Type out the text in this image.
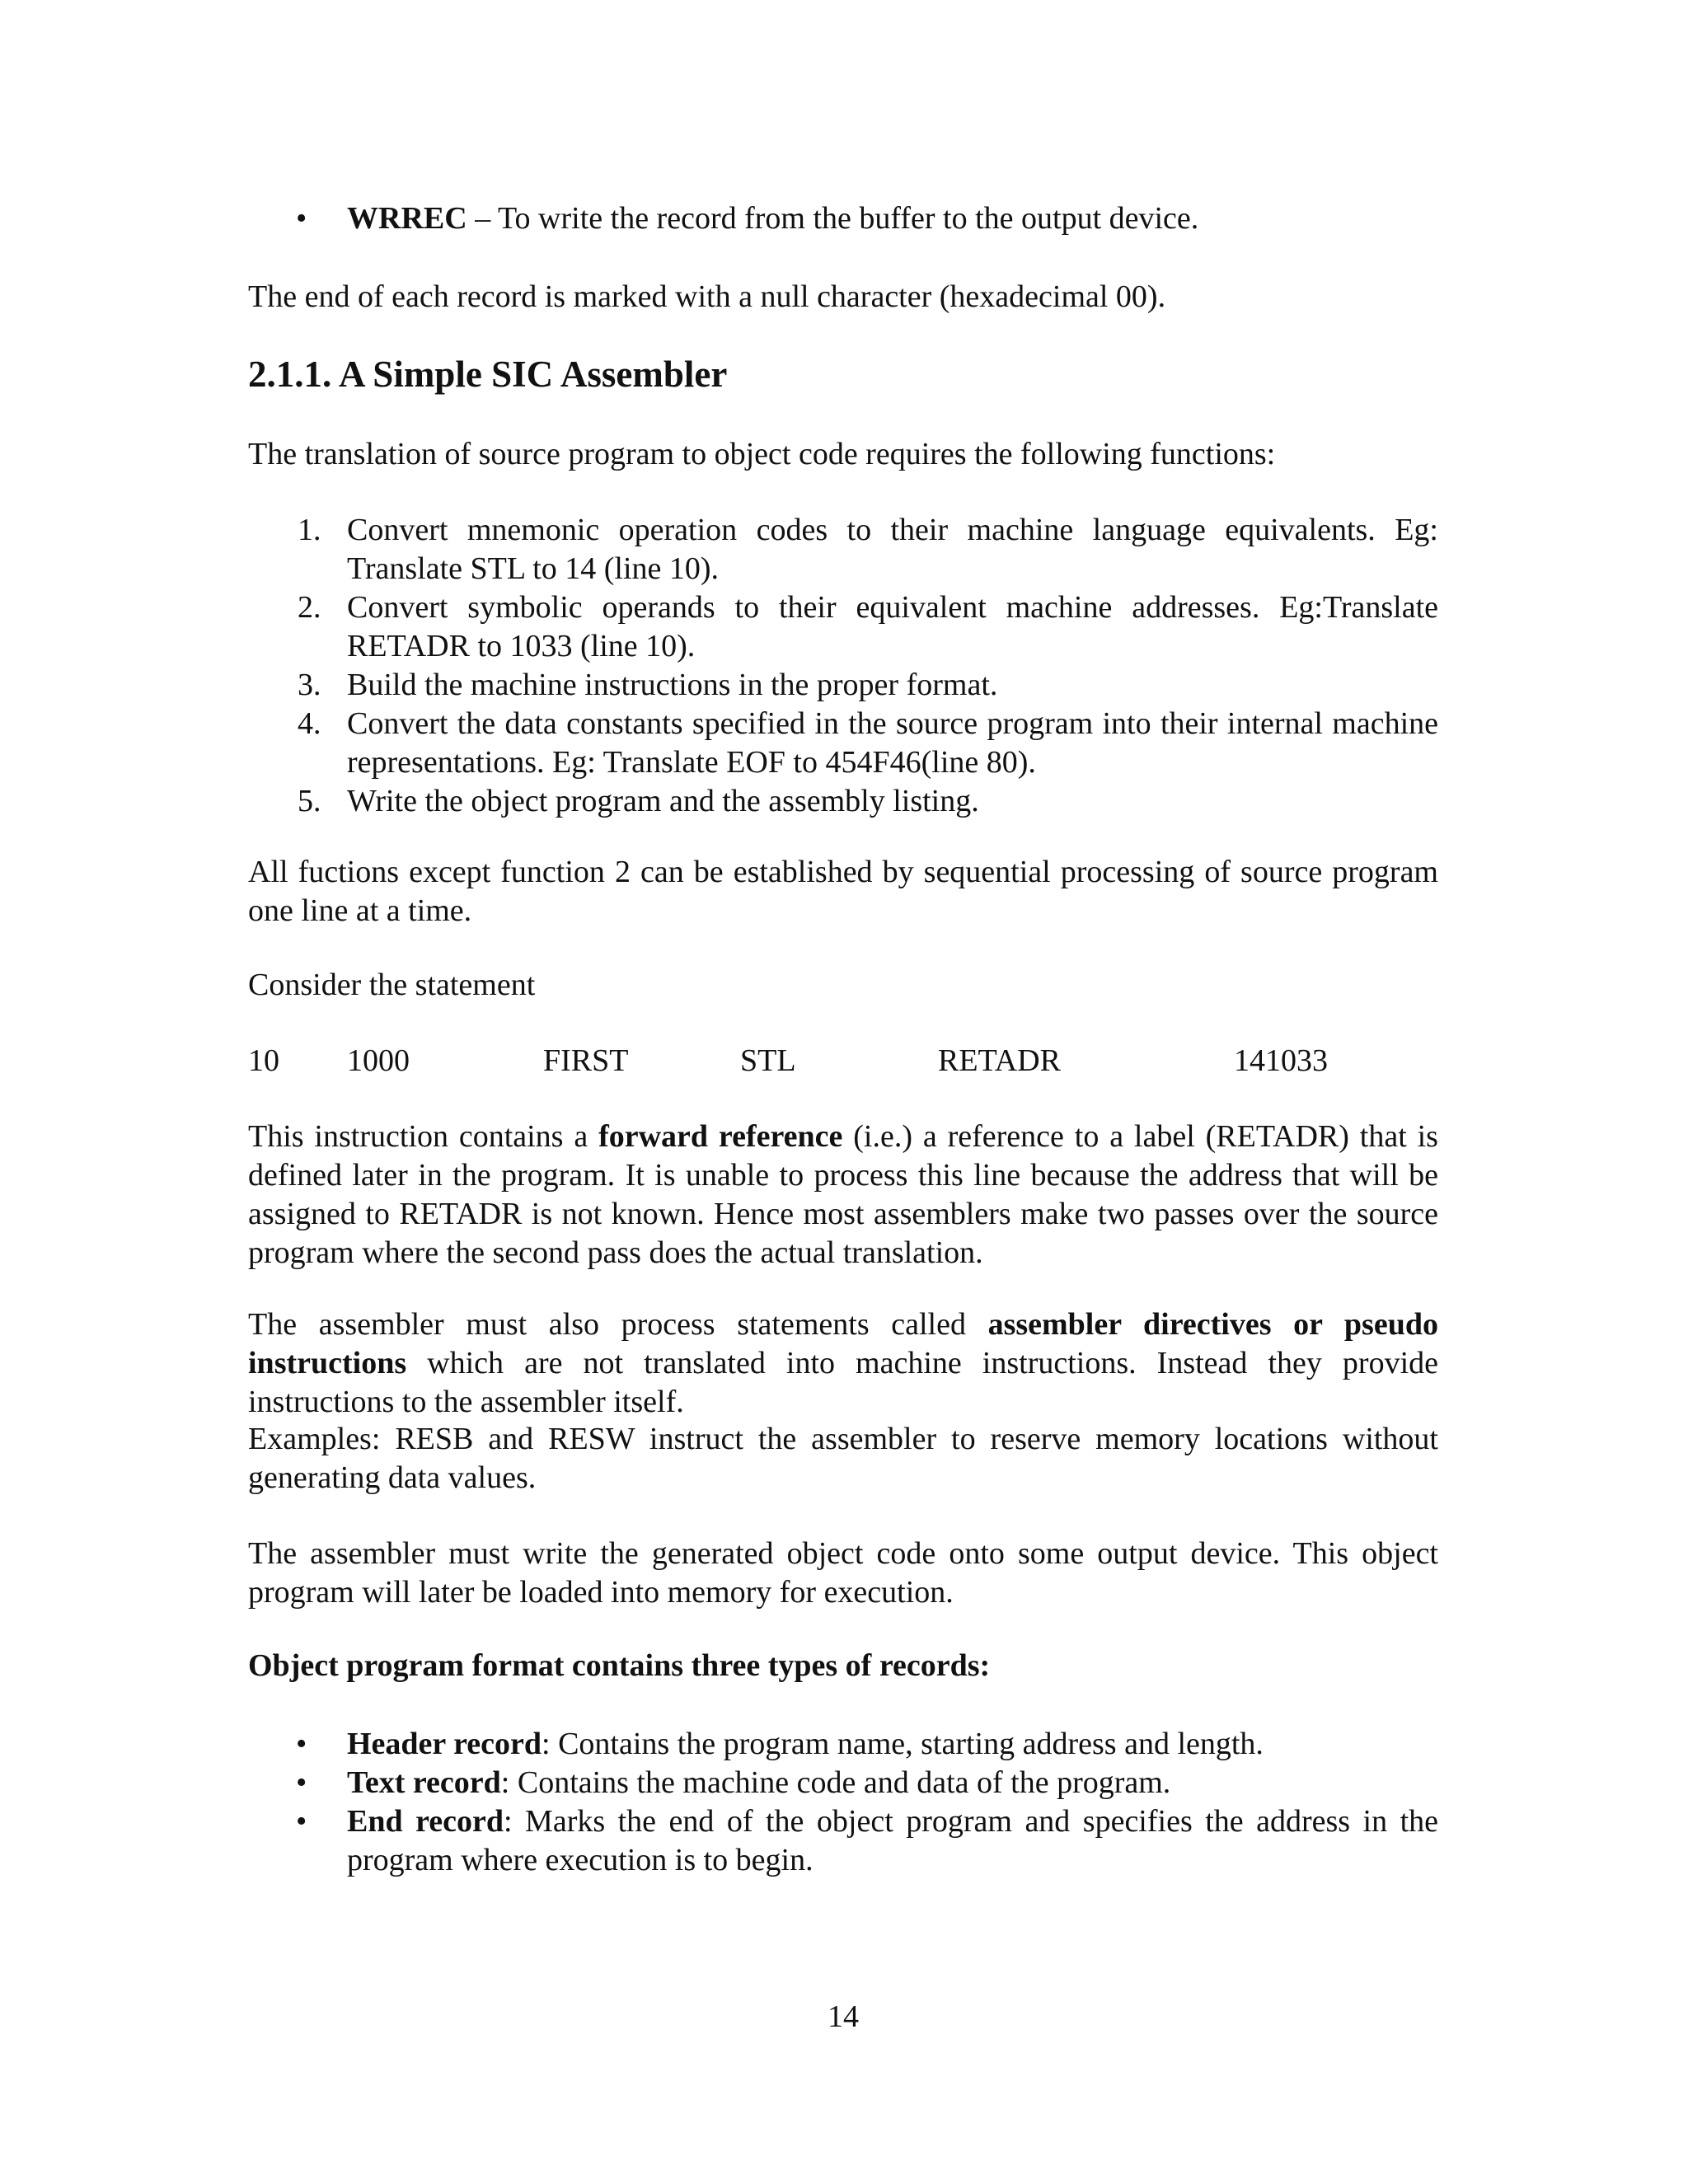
• WRREC – To write the record from the buffer to the output device.

The end of each record is marked with a null character (hexadecimal 00).

2.1.1. A Simple SIC Assembler

The translation of source program to object code requires the following functions:

1. Convert mnemonic operation codes to their machine language equivalents. Eg: Translate STL to 14 (line 10).
2. Convert symbolic operands to their equivalent machine addresses. Eg:Translate RETADR to 1033 (line 10).
3. Build the machine instructions in the proper format.
4. Convert the data constants specified in the source program into their internal machine representations. Eg: Translate EOF to 454F46(line 80).
5. Write the object program and the assembly listing.

All fuctions except function 2 can be established by sequential processing of source program one line at a time.

Consider the statement

10 1000	FIRST	STL	RETADR	141033

This instruction contains a forward reference (i.e.) a reference to a label (RETADR) that is defined later in the program. It is unable to process this line because the address that will be assigned to RETADR is not known. Hence most assemblers make two passes over the source program where the second pass does the actual translation.

The assembler must also process statements called assembler directives or pseudo instructions which are not translated into machine instructions. Instead they provide instructions to the assembler itself.

Examples: RESB and RESW instruct the assembler to reserve memory locations without generating data values.

The assembler must write the generated object code onto some output device. This object program will later be loaded into memory for execution.

Object program format contains three types of records:

• Header record: Contains the program name, starting address and length.
• Text record: Contains the machine code and data of the program.
• End record: Marks the end of the object program and specifies the address in the program where execution is to begin.
14
